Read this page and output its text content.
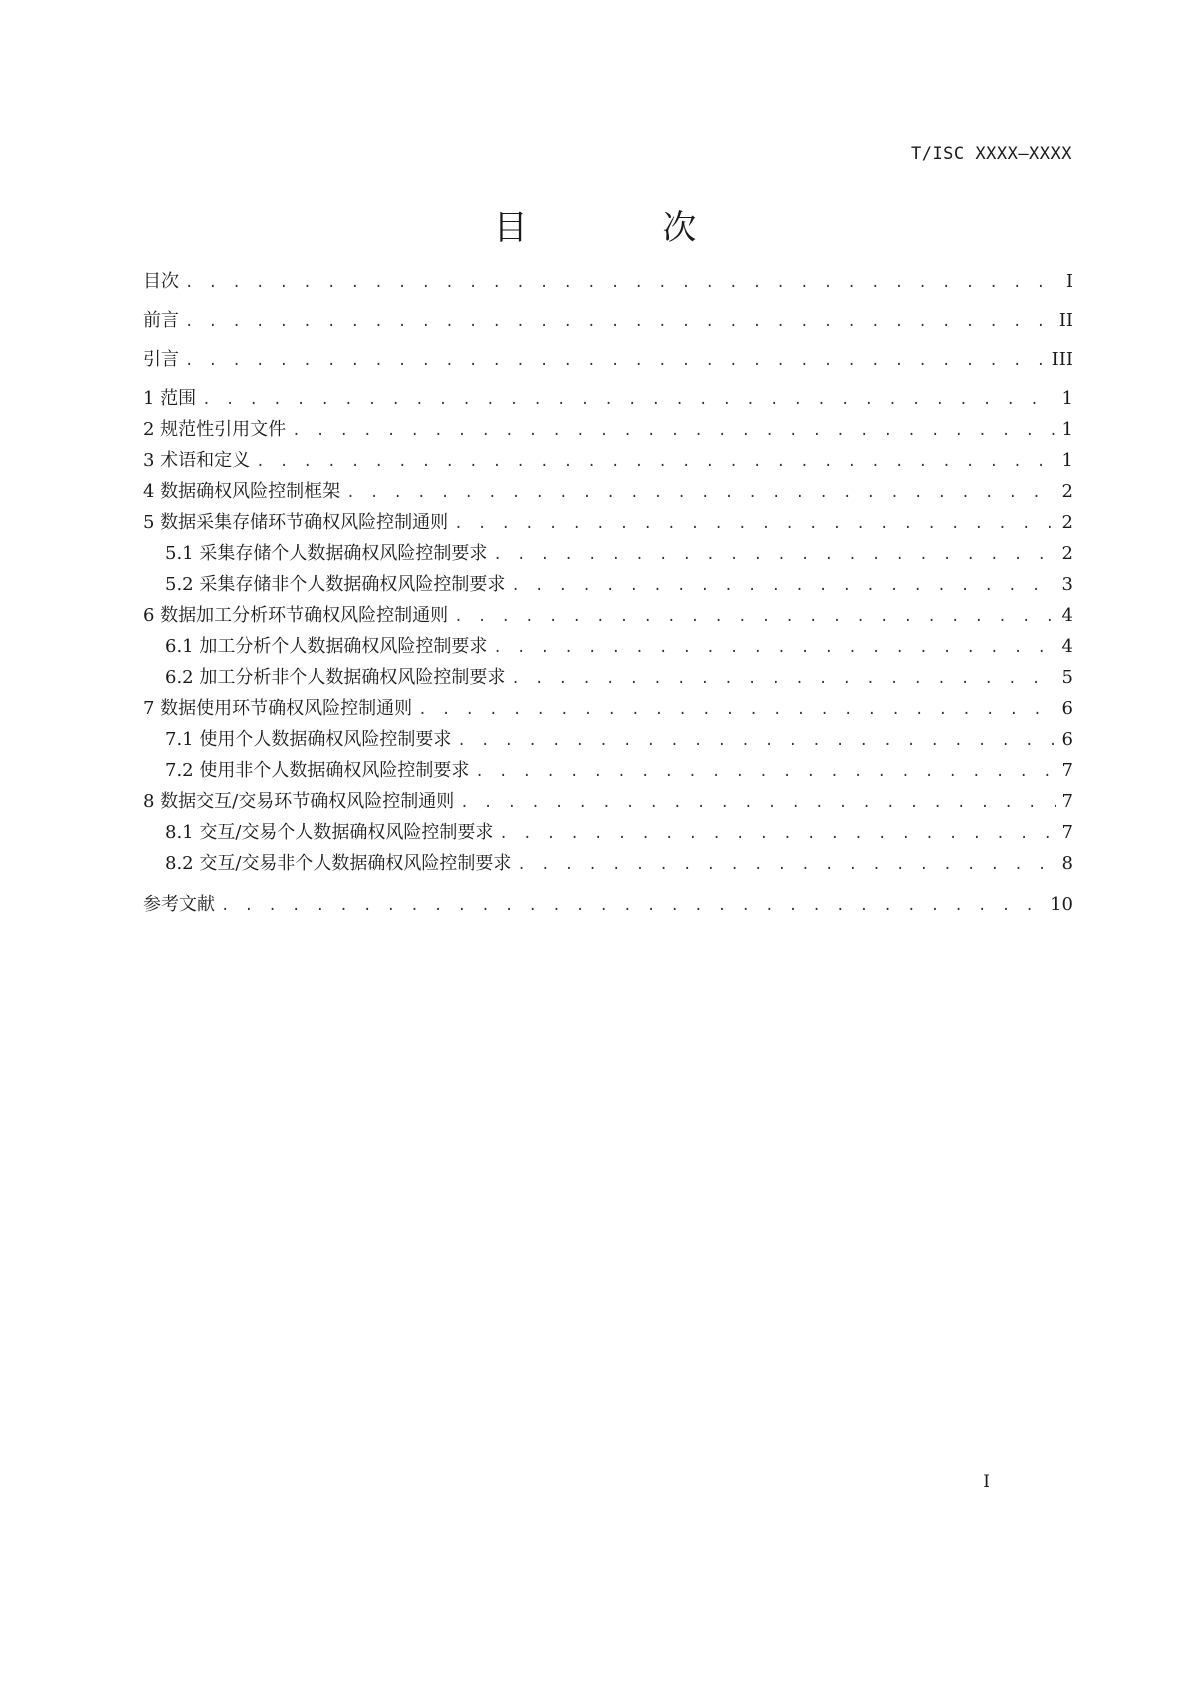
T/ISC XXXX—XXXX
目 次
目次 . . .	I
前言 . . .	II
引言 . . .	III
1 范围 . . .	1
2 规范性引用文件 . . .	1
3 术语和定义 . . .	1
4 数据确权风险控制框架 . . .	2
5 数据采集存储环节确权风险控制通则 . . .	2
5.1 采集存储个人数据确权风险控制要求 . . .	2
5.2 采集存储非个人数据确权风险控制要求 . . .	3
6 数据加工分析环节确权风险控制通则 . . .	4
6.1 加工分析个人数据确权风险控制要求 . . .	4
6.2 加工分析非个人数据确权风险控制要求 . . .	5
7 数据使用环节确权风险控制通则 . . .	6
7.1 使用个人数据确权风险控制要求 . . .	6
7.2 使用非个人数据确权风险控制要求 . . .	7
8 数据交互/交易环节确权风险控制通则 . . .	7
8.1 交互/交易个人数据确权风险控制要求 . . .	7
8.2 交互/交易非个人数据确权风险控制要求 . . .	8
参考文献 . . .	10
I
